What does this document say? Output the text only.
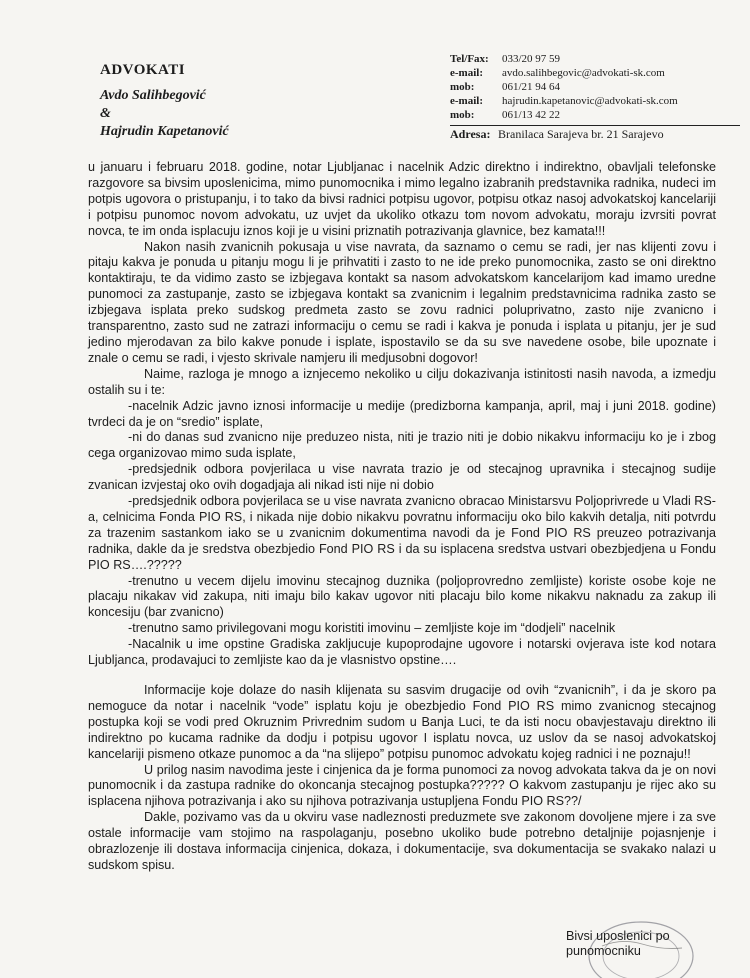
ADVOKATI
Avdo Salihbegović
&
Hajrudin Kapetanović
Tel/Fax:	033/20 97 59
e-mail:	avdo.salihbegovic@advokati-sk.com
mob:	061/21 94 64
e-mail:	hajrudin.kapetanovic@advokati-sk.com
mob:	061/13 42 22
Adresa: Branilaca Sarajeva br. 21 Sarajevo

u januaru i februaru 2018. godine, notar Ljubljanac i nacelnik Adzic direktno i indirektno, obavljali telefonske razgovore sa bivsim uposlenicima, mimo punomocnika i mimo legalno izabranih predstavnika radnika, nudeci im potpis ugovora o pristupanju, i to tako da bivsi radnici potpisu ugovor, potpisu otkaz nasoj advokatskoj kancelariji i potpisu punomoc novom advokatu, uz uvjet da ukoliko otkazu tom novom advokatu, moraju izvrsiti povrat novca, te im onda isplacuju iznos koji je u visini priznatih potrazivanja glavnice, bez kamata!!!

Nakon nasih zvanicnih pokusaja u vise navrata, da saznamo o cemu se radi, jer nas klijenti zovu i pitaju kakva je ponuda u pitanju mogu li je prihvatiti i zasto to ne ide preko punomocnika, zasto se oni direktno kontaktiraju, te da vidimo zasto se izbjegava kontakt sa nasom advokatskom kancelarijom kad imamo uredne punomoci za zastupanje, zasto se izbjegava kontakt sa zvanicnim i legalnim predstavnicima radnika zasto se izbjegava isplata preko sudskog predmeta zasto se zovu radnici poluprivatno, zasto nije zvanicno i transparentno, zasto sud ne zatrazi informaciju o cemu se radi i kakva je ponuda i isplata u pitanju, jer je sud jedino mjerodavan za bilo kakve ponude i isplate, ispostavilo se da su sve navedene osobe, bile upoznate i znale o cemu se radi, i vjesto skrivale namjeru ili medjusobni dogovor!

Naime, razloga je mnogo a iznjecemo nekoliko u cilju dokazivanja istinitosti nasih navoda, a izmedju ostalih su i te:

-nacelnik Adzic javno iznosi informacije u medije (predizborna kampanja, april, maj i juni 2018. godine) tvrdeci da je on “sredio” isplate,

-ni do danas sud zvanicno nije preduzeo nista, niti je trazio niti je dobio nikakvu informaciju ko je i zbog cega organizovao mimo suda isplate,

-predsjednik odbora povjerilaca u vise navrata trazio je od stecajnog upravnika i stecajnog sudije zvanican izvjestaj oko ovih dogadjaja ali nikad isti nije ni dobio

-predsjednik odbora povjerilaca se u vise navrata zvanicno obracao Ministarsvu Poljoprivrede u Vladi RS-a, celnicima Fonda PIO RS, i nikada nije dobio nikakvu povratnu informaciju oko bilo kakvih detalja, niti potvrdu za trazenim sastankom iako se u zvanicnim dokumentima navodi da je Fond PIO RS preuzeo potrazivanja radnika, dakle da je sredstva obezbjedio Fond PIO RS i da su isplacena sredstva ustvari obezbjedjena u Fondu PIO RS….?????

-trenutno u vecem dijelu imovinu stecajnog duznika (poljoprovredno zemljiste) koriste osobe koje ne placaju nikakav vid zakupa, niti imaju bilo kakav ugovor niti placaju bilo kome nikakvu naknadu za zakup ili koncesiju (bar zvanicno)

-trenutno samo privilegovani mogu koristiti imovinu – zemljiste koje im “dodjeli” nacelnik

-Nacalnik u ime opstine Gradiska zakljucuje kupoprodajne ugovore i notarski ovjerava iste kod notara Ljubljanca, prodavajuci to zemljiste kao da je vlasnistvo opstine….

Informacije koje dolaze do nasih klijenata su sasvim drugacije od ovih “zvanicnih”, i da je skoro pa nemoguce da notar i nacelnik “vode” isplatu koju je obezbjedio Fond PIO RS mimo zvanicnog stecajnog postupka koji se vodi pred Okruznim Privrednim sudom u Banja Luci, te da isti nocu obavjestavaju direktno ili indirektno po kucama radnike da dodju i potpisu ugovor I isplatu novca, uz uslov da se nasoj advokatskoj kancelariji pismeno otkaze punomoc a da “na slijepo” potpisu punomoc advokatu kojeg radnici i ne poznaju!!

U prilog nasim navodima jeste i cinjenica da je forma punomoci za novog advokata takva da je on novi punomocnik i da zastupa radnike do okoncanja stecajnog postupka????? O kakvom zastupanju je rijec ako su isplacena njihova potrazivanja i ako su njihova potrazivanja ustupljena Fondu PIO RS??/

Dakle, pozivamo vas da u okviru vase nadleznosti preduzmete sve zakonom dovoljene mjere i za sve ostale informacije vam stojimo na raspolaganju, posebno ukoliko bude potrebno detaljnije pojasnjenje i obrazlozenje ili dostava informacija cinjenica, dokaza, i dokumentacije, sva dokumentacija se svakako nalazi u sudskom spisu.

Bivsi uposlenici po
punomocniku
